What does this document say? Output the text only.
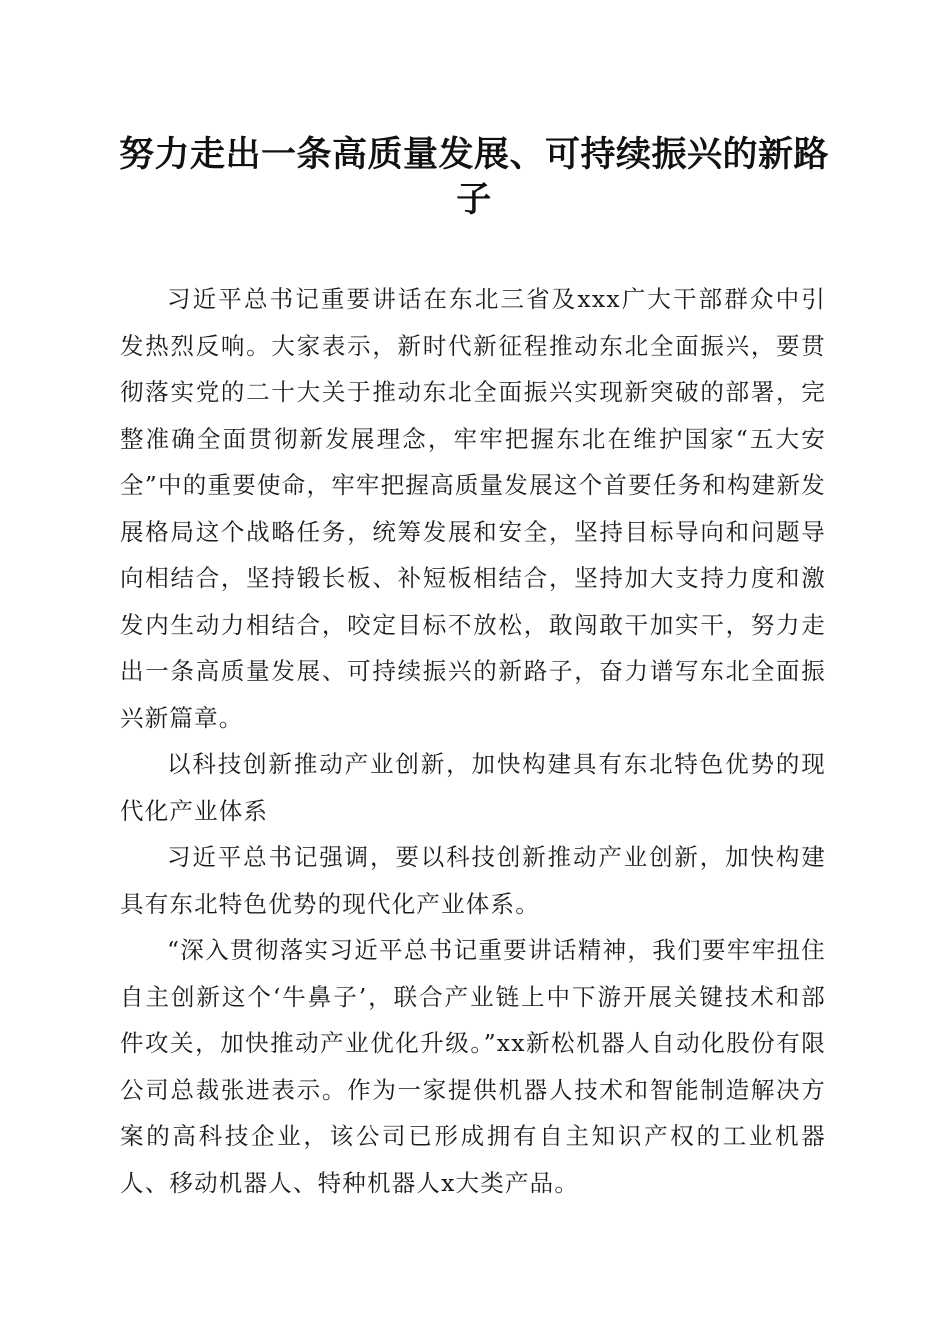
努力走出一条高质量发展、可持续振兴的新路子

习近平总书记重要讲话在东北三省及xxx广大干部群众中引发热烈反响。大家表示，新时代新征程推动东北全面振兴，要贯彻落实党的二十大关于推动东北全面振兴实现新突破的部署，完整准确全面贯彻新发展理念，牢牢把握东北在维护国家“五大安全”中的重要使命，牢牢把握高质量发展这个首要任务和构建新发展格局这个战略任务，统筹发展和安全，坚持目标导向和问题导向相结合，坚持锻长板、补短板相结合，坚持加大支持力度和激发内生动力相结合，咬定目标不放松，敢闯敢干加实干，努力走出一条高质量发展、可持续振兴的新路子，奋力谱写东北全面振兴新篇章。

以科技创新推动产业创新，加快构建具有东北特色优势的现代化产业体系

习近平总书记强调，要以科技创新推动产业创新，加快构建具有东北特色优势的现代化产业体系。

“深入贯彻落实习近平总书记重要讲话精神，我们要牢牢扭住自主创新这个‘牛鼻子’，联合产业链上中下游开展关键技术和部件攻关，加快推动产业优化升级。”xx新松机器人自动化股份有限公司总裁张进表示。作为一家提供机器人技术和智能制造解决方案的高科技企业，该公司已形成拥有自主知识产权的工业机器人、移动机器人、特种机器人x大类产品。
